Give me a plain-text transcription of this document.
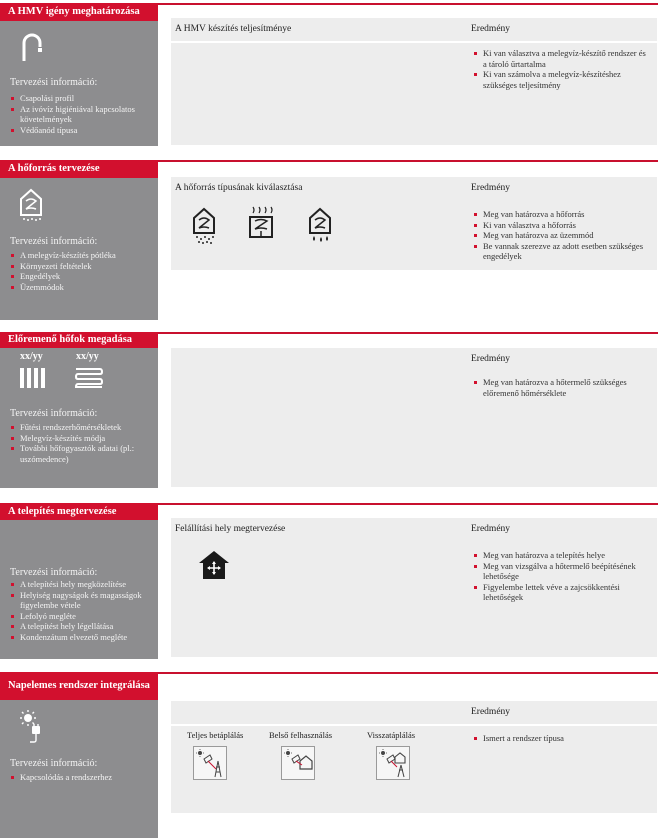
A HMV igény meghatározása
Tervezési információ:
Csapolási profil
Az ivóvíz higiéniával kapcsolatos követelmények
Védőanód típusa
A HMV készítés teljesítménye	Eredmény
Ki van választva a melegvíz-készítő rendszer és a tároló űrtartalma
Ki van számolva a melegvíz-készítéshez szükséges teljesítmény
A hőforrás tervezése
Tervezési információ:
A melegvíz-készítés pótléka
Környezeti feltételek
Engedélyek
Üzemmódok
A hőforrás típusának kiválasztása	Eredmény
Meg van határozva a hőforrás
Ki van választva a hőforrás
Meg van határozva az üzemmód
Be vannak szerezve az adott esetben szükséges engedélyek
Előremenő hőfok megadása
xx/yy	xx/yy
Tervezési információ:
Fűtési rendszerhőmérsékletek
Melegvíz-készítés módja
További hőfogyasztók adatai (pl.: uszómedence)
Eredmény
Meg van határozva a hőtermelő szükséges előremenő hőmérséklete
A telepítés megtervezése
Tervezési információ:
A telepítési hely megközelítése
Helyiség nagyságok és magasságok figyelembe vétele
Lefolyó megléte
A telepítést hely légellátása
Kondenzátum elvezető megléte
Felállítási hely megtervezése	Eredmény
Meg van határozva a telepítés helye
Meg van vizsgálva a hőtermelő beépítésének lehetősége
Figyelembe lettek véve a zajcsökkentési lehetőségek
Napelemes rendszer integrálása
Tervezési információ:
Kapcsolódás a rendszerhez
Eredmény
Teljes betáplálás	Belső felhasználás	Visszatáplálás	Ismert a rendszer típusa
